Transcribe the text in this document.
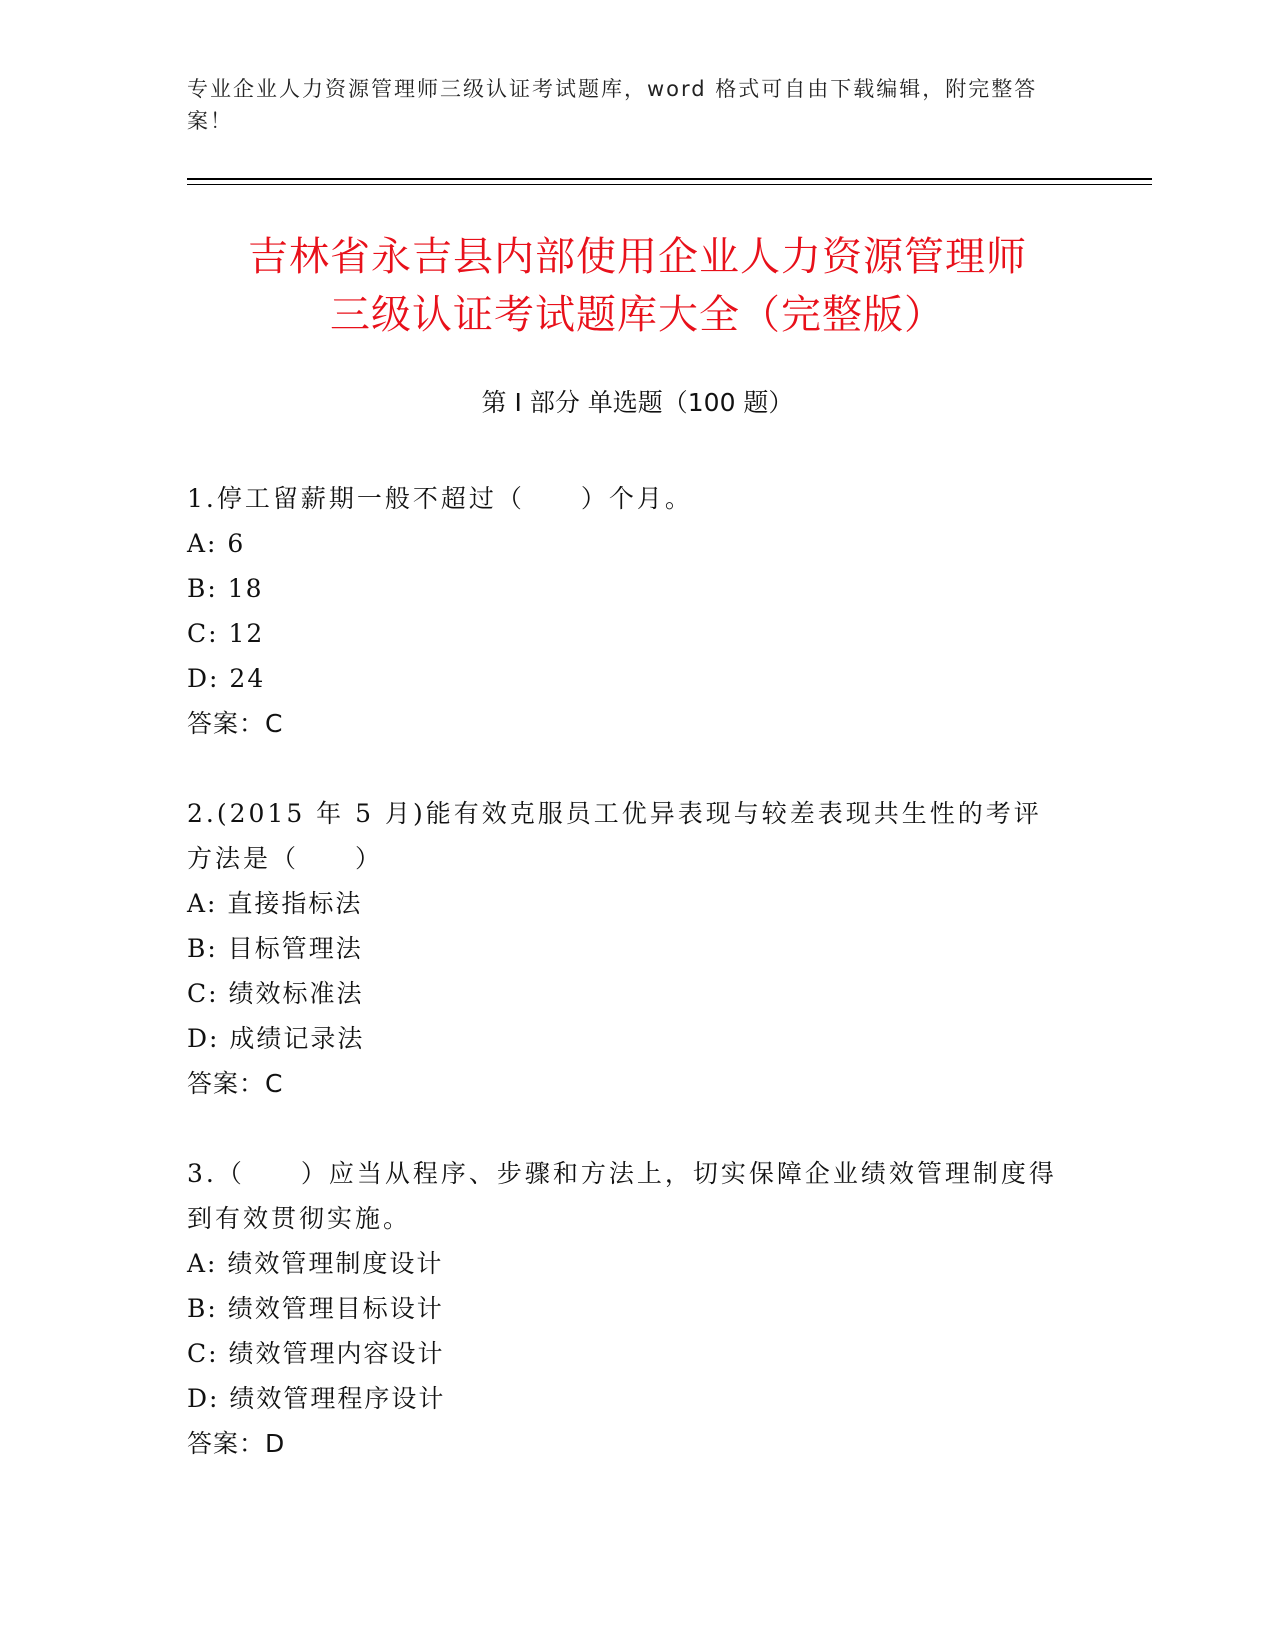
专业企业人力资源管理师三级认证考试题库，word 格式可自由下载编辑，附完整答案！
吉林省永吉县内部使用企业人力资源管理师
三级认证考试题库大全（完整版）
第 I 部分 单选题（100 题）
1.停工留薪期一般不超过（　　）个月。
A: 6
B: 18
C: 12
D: 24
答案：C
2.(2015 年 5 月)能有效克服员工优异表现与较差表现共生性的考评方法是（　　）
A: 直接指标法
B: 目标管理法
C: 绩效标准法
D: 成绩记录法
答案：C
3.（　　）应当从程序、步骤和方法上，切实保障企业绩效管理制度得到有效贯彻实施。
A: 绩效管理制度设计
B: 绩效管理目标设计
C: 绩效管理内容设计
D: 绩效管理程序设计
答案：D
